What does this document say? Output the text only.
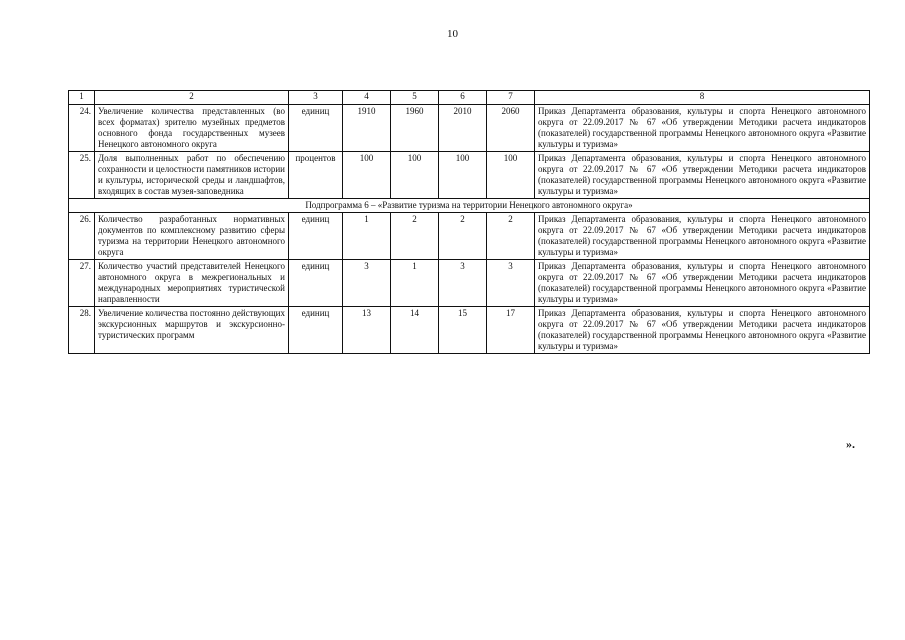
10
1	2	3	4	5	6	7	8
24.	Увеличение количества представленных (во всех форматах) зрителю музейных предметов основного фонда государственных музеев Ненецкого автономного округа	единиц	1910	1960	2010	2060	Приказ Департамента образования, культуры и спорта Ненецкого автономного округа от 22.09.2017 № 67 «Об утверждении Методики расчета индикаторов (показателей) государственной программы Ненецкого автономного округа «Развитие культуры и туризма»
25.	Доля выполненных работ по обеспечению сохранности и целостности памятников истории и культуры, исторической среды и ландшафтов, входящих в состав музея-заповедника	процентов	100	100	100	100	Приказ Департамента образования, культуры и спорта Ненецкого автономного округа от 22.09.2017 № 67 «Об утверждении Методики расчета индикаторов (показателей) государственной программы Ненецкого автономного округа «Развитие культуры и туризма»
Подпрограмма 6 – «Развитие туризма на территории Ненецкого автономного округа»							
26.	Количество разработанных нормативных документов по комплексному развитию сферы туризма на территории Ненецкого автономного округа	единиц	1	2	2	2	Приказ Департамента образования, культуры и спорта Ненецкого автономного округа от 22.09.2017 № 67 «Об утверждении Методики расчета индикаторов (показателей) государственной программы Ненецкого автономного округа «Развитие культуры и туризма»
27.	Количество участий представителей Ненецкого автономного округа в межрегиональных и международных мероприятиях туристической направленности	единиц	3	1	3	3	Приказ Департамента образования, культуры и спорта Ненецкого автономного округа от 22.09.2017 № 67 «Об утверждении Методики расчета индикаторов (показателей) государственной программы Ненецкого автономного округа «Развитие культуры и туризма»
28.	Увеличение количества постоянно действующих экскурсионных маршрутов и экскурсионно-туристических программ	единиц	13	14	15	17	Приказ Департамента образования, культуры и спорта Ненецкого автономного округа от 22.09.2017 № 67 «Об утверждении Методики расчета индикаторов (показателей) государственной программы Ненецкого автономного округа «Развитие культуры и туризма»
».
